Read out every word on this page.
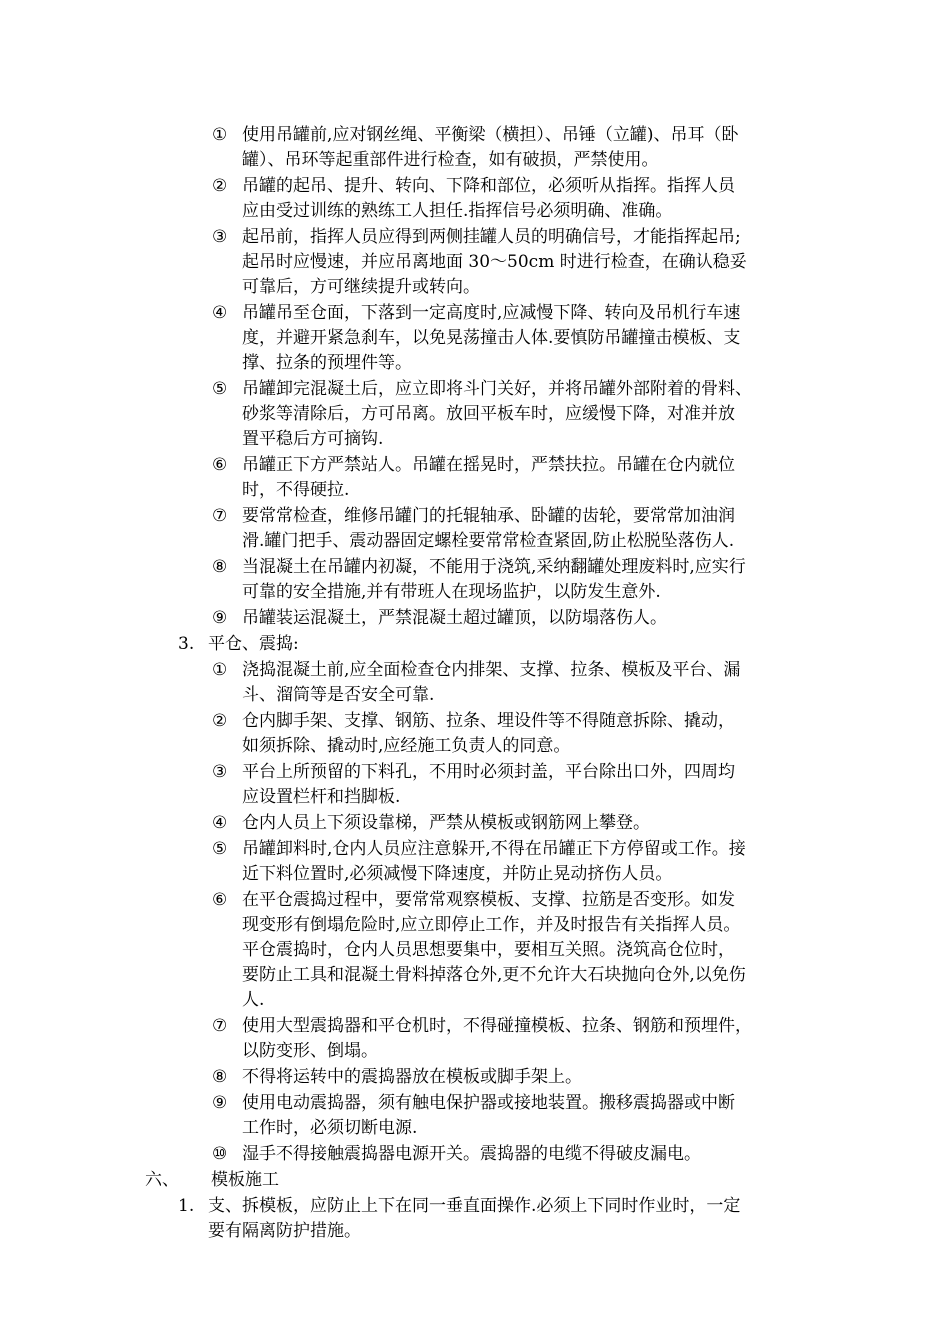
① 使用吊罐前,应对钢丝绳、平衡梁（横担）、吊锤（立罐)、吊耳（卧
罐）、吊环等起重部件进行检查，如有破损，严禁使用。
② 吊罐的起吊、提升、转向、下降和部位，必须听从指挥。指挥人员
应由受过训练的熟练工人担任.指挥信号必须明确、准确。
③ 起吊前，指挥人员应得到两侧挂罐人员的明确信号，才能指挥起吊;
起吊时应慢速，并应吊离地面 30～50cm 时进行检查，在确认稳妥
可靠后，方可继续提升或转向。
④ 吊罐吊至仓面，下落到一定高度时,应减慢下降、转向及吊机行车速
度，并避开紧急刹车，以免晃荡撞击人体.要慎防吊罐撞击模板、支
撑、拉条的预埋件等。
⑤ 吊罐卸完混凝土后，应立即将斗门关好，并将吊罐外部附着的骨料、
砂浆等清除后，方可吊离。放回平板车时，应缓慢下降，对准并放
置平稳后方可摘钩.
⑥ 吊罐正下方严禁站人。吊罐在摇晃时，严禁扶拉。吊罐在仓内就位
时，不得硬拉.
⑦ 要常常检查，维修吊罐门的托辊轴承、卧罐的齿轮，要常常加油润
滑.罐门把手、震动器固定螺栓要常常检查紧固,防止松脱坠落伤人.
⑧ 当混凝土在吊罐内初凝，不能用于浇筑,采纳翻罐处理废料时,应实行
可靠的安全措施,并有带班人在现场监护，以防发生意外.
⑨ 吊罐装运混凝土，严禁混凝土超过罐顶，以防塌落伤人。
3. 平仓、震捣:
① 浇捣混凝土前,应全面检查仓内排架、支撑、拉条、模板及平台、漏
斗、溜筒等是否安全可靠.
② 仓内脚手架、支撑、钢筋、拉条、埋设件等不得随意拆除、撬动，
如须拆除、撬动时,应经施工负责人的同意。
③ 平台上所预留的下料孔，不用时必须封盖，平台除出口外，四周均
应设置栏杆和挡脚板.
④ 仓内人员上下须设靠梯，严禁从模板或钢筋网上攀登。
⑤ 吊罐卸料时,仓内人员应注意躲开,不得在吊罐正下方停留或工作。接
近下料位置时,必须减慢下降速度，并防止晃动挤伤人员。
⑥ 在平仓震捣过程中，要常常观察模板、支撑、拉筋是否变形。如发
现变形有倒塌危险时,应立即停止工作，并及时报告有关指挥人员。
平仓震捣时，仓内人员思想要集中，要相互关照。浇筑高仓位时，
要防止工具和混凝土骨料掉落仓外,更不允许大石块抛向仓外,以免伤
人.
⑦ 使用大型震捣器和平仓机时，不得碰撞模板、拉条、钢筋和预埋件，
以防变形、倒塌。
⑧ 不得将运转中的震捣器放在模板或脚手架上。
⑨ 使用电动震捣器，须有触电保护器或接地装置。搬移震捣器或中断
工作时，必须切断电源.
⑩ 湿手不得接触震捣器电源开关。震捣器的电缆不得破皮漏电。
六、 模板施工
1. 支、拆模板，应防止上下在同一垂直面操作.必须上下同时作业时，一定
要有隔离防护措施。
